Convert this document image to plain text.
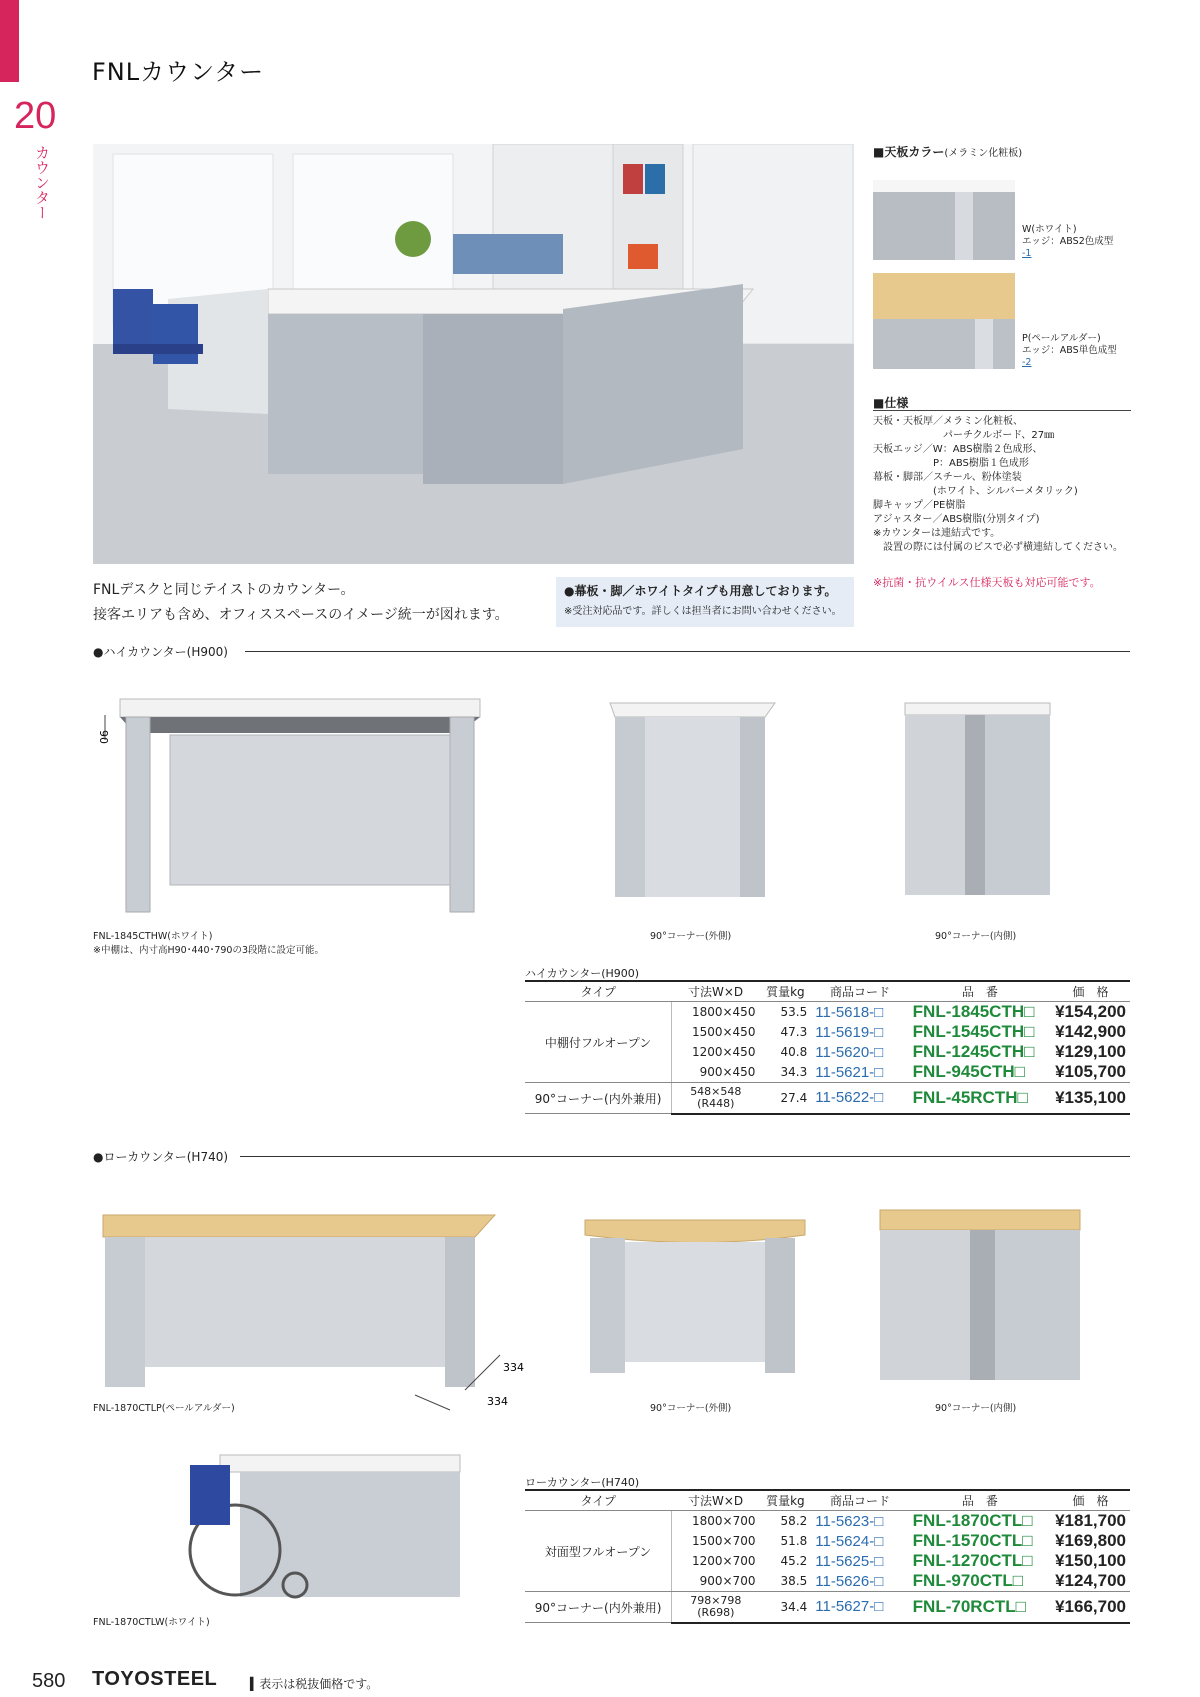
20
カウンター
FNLカウンター
■天板カラー(メラミン化粧板)
W(ホワイト)
エッジ：ABS2色成型
-1
P(ペールアルダー)
エッジ：ABS単色成型
-2
■仕様
天板・天板厚／メラミン化粧板、
　　　　　　　パーチクルボード、27㎜
天板エッジ／W：ABS樹脂２色成形、
　　　　　　P：ABS樹脂１色成形
幕板・脚部／スチール、粉体塗装
　　　　　　(ホワイト、シルバーメタリック)
脚キャップ／PE樹脂
アジャスター／ABS樹脂(分別タイプ)
※カウンターは連結式です。
　設置の際には付属のビスで必ず横連結してください。
※抗菌・抗ウイルス仕様天板も対応可能です。
FNLデスクと同じテイストのカウンター。
接客エリアも含め、オフィススペースのイメージ統一が図れます。
●幕板・脚／ホワイトタイプも用意しております。
※受注対応品です。詳しくは担当者にお問い合わせください。
●ハイカウンター(H900)
90
FNL-1845CTHW(ホワイト)
※中棚は、内寸高H90･440･790の3段階に設定可能。
90°コーナー(外側)	90°コーナー(内側)
ハイカウンター(H900)
タイプ	寸法W×D	質量kg	商品コード	品　番	価　格
中棚付フルオープン	1800×450	53.5	11-5618-□	FNL-1845CTH□	¥154,200
	1500×450	47.3	11-5619-□	FNL-1545CTH□	¥142,900
	1200×450	40.8	11-5620-□	FNL-1245CTH□	¥129,100
	900×450	34.3	11-5621-□	FNL-945CTH□	¥105,700
90°コーナー(内外兼用)	548×548
(R448)	27.4	11-5622-□	FNL-45RCTH□	¥135,100
●ローカウンター(H740)
334
334
FNL-1870CTLP(ペールアルダー)	90°コーナー(外側)	90°コーナー(内側)
FNL-1870CTLW(ホワイト)
ローカウンター(H740)
タイプ	寸法W×D	質量kg	商品コード	品　番	価　格
対面型フルオープン	1800×700	58.2	11-5623-□	FNL-1870CTL□	¥181,700
	1500×700	51.8	11-5624-□	FNL-1570CTL□	¥169,800
	1200×700	45.2	11-5625-□	FNL-1270CTL□	¥150,100
	900×700	38.5	11-5626-□	FNL-970CTL□	¥124,700
90°コーナー(内外兼用)	798×798
(R698)	34.4	11-5627-□	FNL-70RCTL□	¥166,700
580 TOYOSTEEL	▍表示は税抜価格です。
